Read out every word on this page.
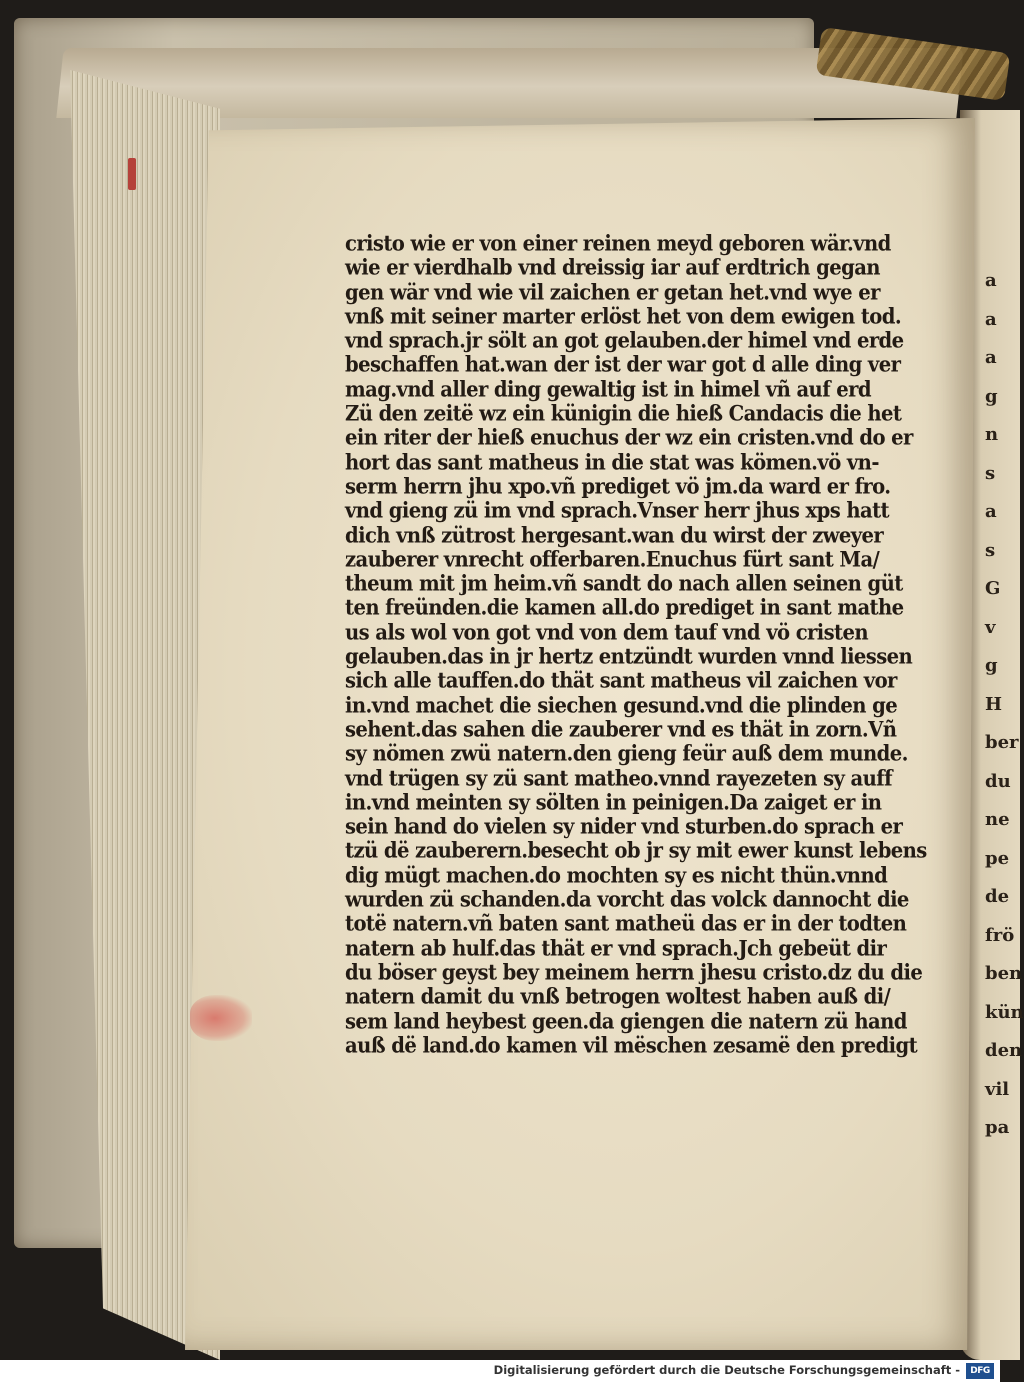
a
a
a
g
n
s
a
s
G
v
g
H
ber
du
ne
pe
de
frö
ben
kün
den
vil
pa
cristo wie er von einer reinen meyd geboren wär.vnd
wie er vierdhalb vnd dreissig iar auf erdtrich gegan
gen wär vnd wie vil zaichen er getan het.vnd wye er
vnß mit seiner marter erlöst het von dem ewigen tod.
vnd sprach.jr sölt an got gelauben.der himel vnd erde
beschaffen hat.wan der ist der war got d alle ding ver
mag.vnd aller ding gewaltig ist in himel vñ auf erd
Zü den zeitë wz ein künigin die hieß Candacis die het
ein riter der hieß enuchus der wz ein cristen.vnd do er
hort das sant matheus in die stat was kömen.vö vn-
serm herrn jhu xpo.vñ prediget vö jm.da ward er fro.
vnd gieng zü im vnd sprach.Vnser herr jhus xps hatt
dich vnß zütrost hergesant.wan du wirst der zweyer
zauberer vnrecht offerbaren.Enuchus fürt sant Ma/
theum mit jm heim.vñ sandt do nach allen seinen güt
ten freünden.die kamen all.do prediget in sant mathe
us als wol von got vnd von dem tauf vnd vö cristen
gelauben.das in jr hertz entzündt wurden vnnd liessen
sich alle tauffen.do thät sant matheus vil zaichen vor
in.vnd machet die siechen gesund.vnd die plinden ge
sehent.das sahen die zauberer vnd es thät in zorn.Vñ
sy nömen zwü natern.den gieng feür auß dem munde.
vnd trügen sy zü sant matheo.vnnd rayezeten sy auff
in.vnd meinten sy sölten in peinigen.Da zaiget er in
sein hand do vielen sy nider vnd sturben.do sprach er
tzü dë zauberern.besecht ob jr sy mit ewer kunst lebens
dig mügt machen.do mochten sy es nicht thün.vnnd
wurden zü schanden.da vorcht das volck dannocht die
totë natern.vñ baten sant matheü das er in der todten
natern ab hulf.das thät er vnd sprach.Jch gebeüt dir
du böser geyst bey meinem herrn jhesu cristo.dz du die
natern damit du vnß betrogen woltest haben auß di/
sem land heybest geen.da giengen die natern zü hand
auß dë land.do kamen vil mëschen zesamë den predigt
Digitalisierung gefördert durch die Deutsche Forschungsgemeinschaft -	DFG
